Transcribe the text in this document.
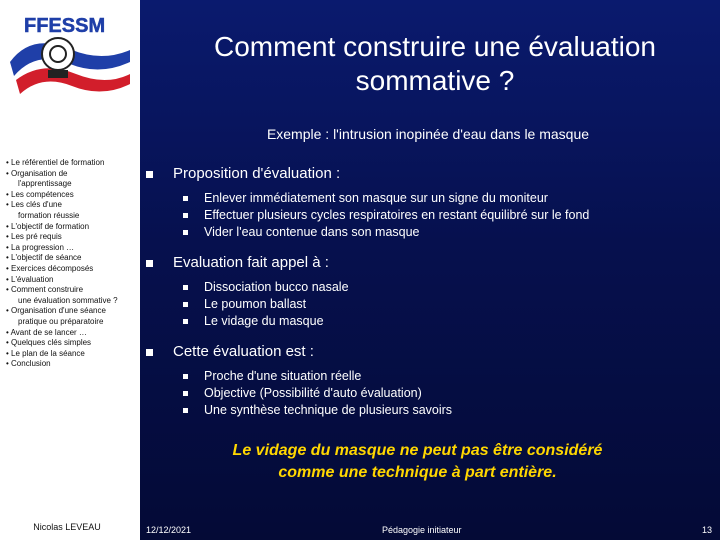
FFESSM
• Le référentiel de formation
• Organisation de
l'apprentissage
• Les compétences
• Les clés d'une
formation réussie
• L'objectif de formation
• Les pré requis
• La progression …
• L'objectif de séance
• Exercices décomposés
• L'évaluation
• Comment construire
une évaluation sommative ?
• Organisation d'une séance
pratique ou préparatoire
• Avant de se lancer …
• Quelques clés simples
• Le plan de la séance
• Conclusion
Nicolas LEVEAU
Comment construire une évaluation
sommative ?
Exemple : l'intrusion inopinée d'eau dans le masque
Proposition d'évaluation :
Enlever immédiatement son masque sur un signe du moniteur
Effectuer plusieurs cycles respiratoires en restant équilibré sur le fond
Vider l'eau contenue dans son masque
Evaluation fait appel à :
Dissociation bucco nasale
Le poumon ballast
Le vidage du masque
Cette évaluation est :
Proche d'une situation réelle
Objective (Possibilité d'auto évaluation)
Une synthèse technique de plusieurs savoirs
Le vidage du masque ne peut pas être considéré
comme une technique à part entière.
12/12/2021	Pédagogie initiateur	13
